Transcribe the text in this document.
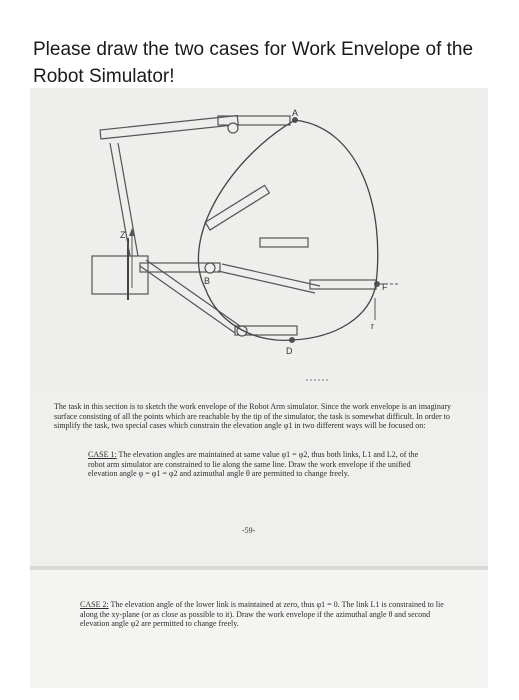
Please draw the two cases for Work Envelope of the Robot Simulator!
A
B
D
F
Z
r
The task in this section is to sketch the work envelope of the Robot Arm simulator. Since the work envelope is an imaginary surface consisting of all the points which are reachable by the tip of the simulator, the task is somewhat difficult. In order to simplify the task, two special cases which constrain the elevation angle φ1 in two different ways will be focused on:
CASE 1: The elevation angles are maintained at same value φ1 = φ2, thus both links, L1 and L2, of the robot arm simulator are constrained to lie along the same line. Draw the work envelope if the unified elevation angle φ = φ1 = φ2 and azimuthal angle θ are permitted to change freely.
-59-
CASE 2: The elevation angle of the lower link is maintained at zero, thus φ1 = 0. The link L1 is constrained to lie along the xy-plane (or as close as possible to it). Draw the work envelope if the azimuthal angle θ and second elevation angle φ2 are permitted to change freely.
